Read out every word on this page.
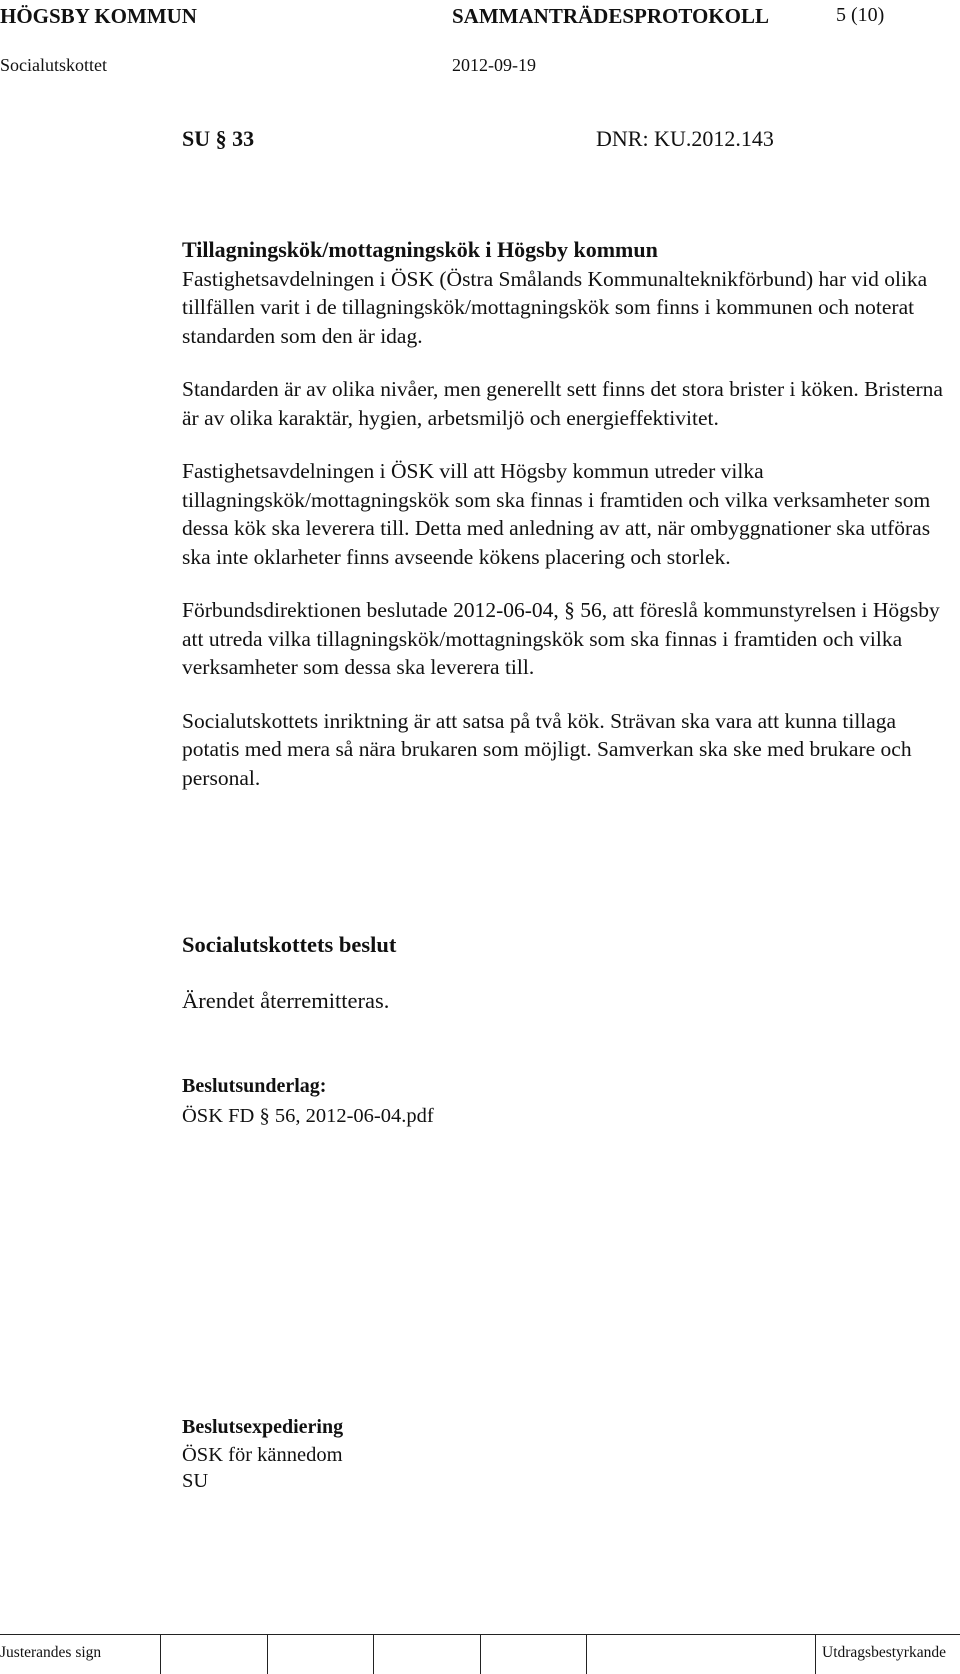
HÖGSBY KOMMUN	SAMMANTRÄDESPROTOKOLL	5 (10)
Socialutskottet	2012-09-19
SU § 33	DNR: KU.2012.143

Tillagningskök/mottagningskök i Högsby kommun

Fastighetsavdelningen i ÖSK (Östra Smålands Kommunalteknikförbund) har vid olika tillfällen varit i de tillagningskök/mottagningskök som finns i kommunen och noterat standarden som den är idag.

Standarden är av olika nivåer, men generellt sett finns det stora brister i köken. Bristerna är av olika karaktär, hygien, arbetsmiljö och energieffektivitet.

Fastighetsavdelningen i ÖSK vill att Högsby kommun utreder vilka tillagningskök/mottagningskök som ska finnas i framtiden och vilka verksamheter som dessa kök ska leverera till. Detta med anledning av att, när ombyggnationer ska utföras ska inte oklarheter finns avseende kökens placering och storlek.

Förbundsdirektionen beslutade 2012-06-04, § 56, att föreslå kommunstyrelsen i Högsby att utreda vilka tillagningskök/mottagningskök som ska finnas i framtiden och vilka verksamheter som dessa ska leverera till.

Socialutskottets inriktning är att satsa på två kök. Strävan ska vara att kunna tillaga potatis med mera så nära brukaren som möjligt. Samverkan ska ske med brukare och personal.

Socialutskottets beslut

Ärendet återremitteras.

Beslutsunderlag:

ÖSK FD § 56, 2012-06-04.pdf

Beslutsexpediering

ÖSK för kännedom

SU

Justerandes sign	Utdragsbestyrkande
